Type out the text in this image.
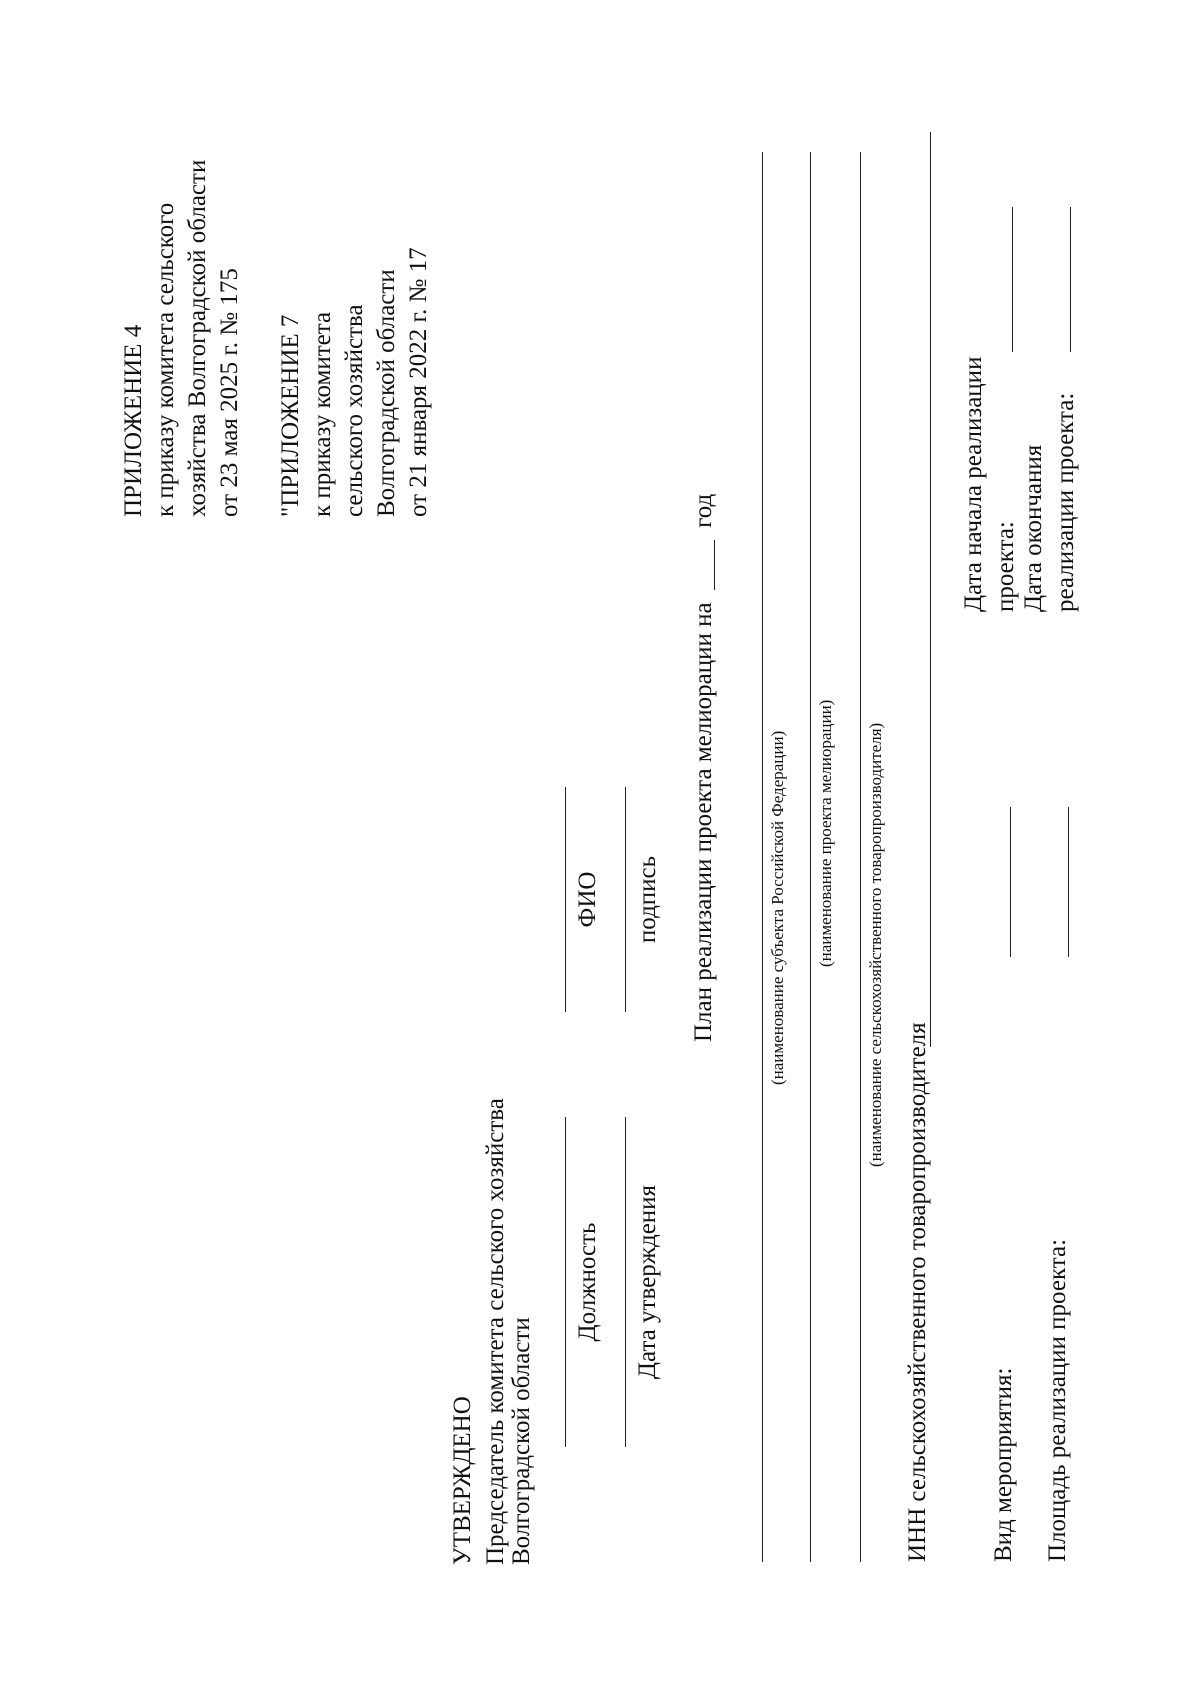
ПРИЛОЖЕНИЕ 4 к приказу комитета сельского хозяйства Волгоградской области от 23 мая 2025 г. № 175 "ПРИЛОЖЕНИЕ 7 к приказу комитета сельского хозяйства Волгоградской области от 21 января 2022 г. № 17
УТВЕРЖДЕНО Председатель комитета сельского хозяйства Волгоградской области
Должность
ФИО
Дата утверждения
подпись План реализации проекта мелиорации на  год
(наименование субъекта Российской Федерации) (наименование проекта мелиорации) (наименование сельскохозяйственного товаропроизводителя)
ИНН сельскохозяйственного товаропроизводителя Вид мероприятия:
Дата начала реализации проекта:
Площадь реализации проекта:
Дата окончания реализации проекта:
